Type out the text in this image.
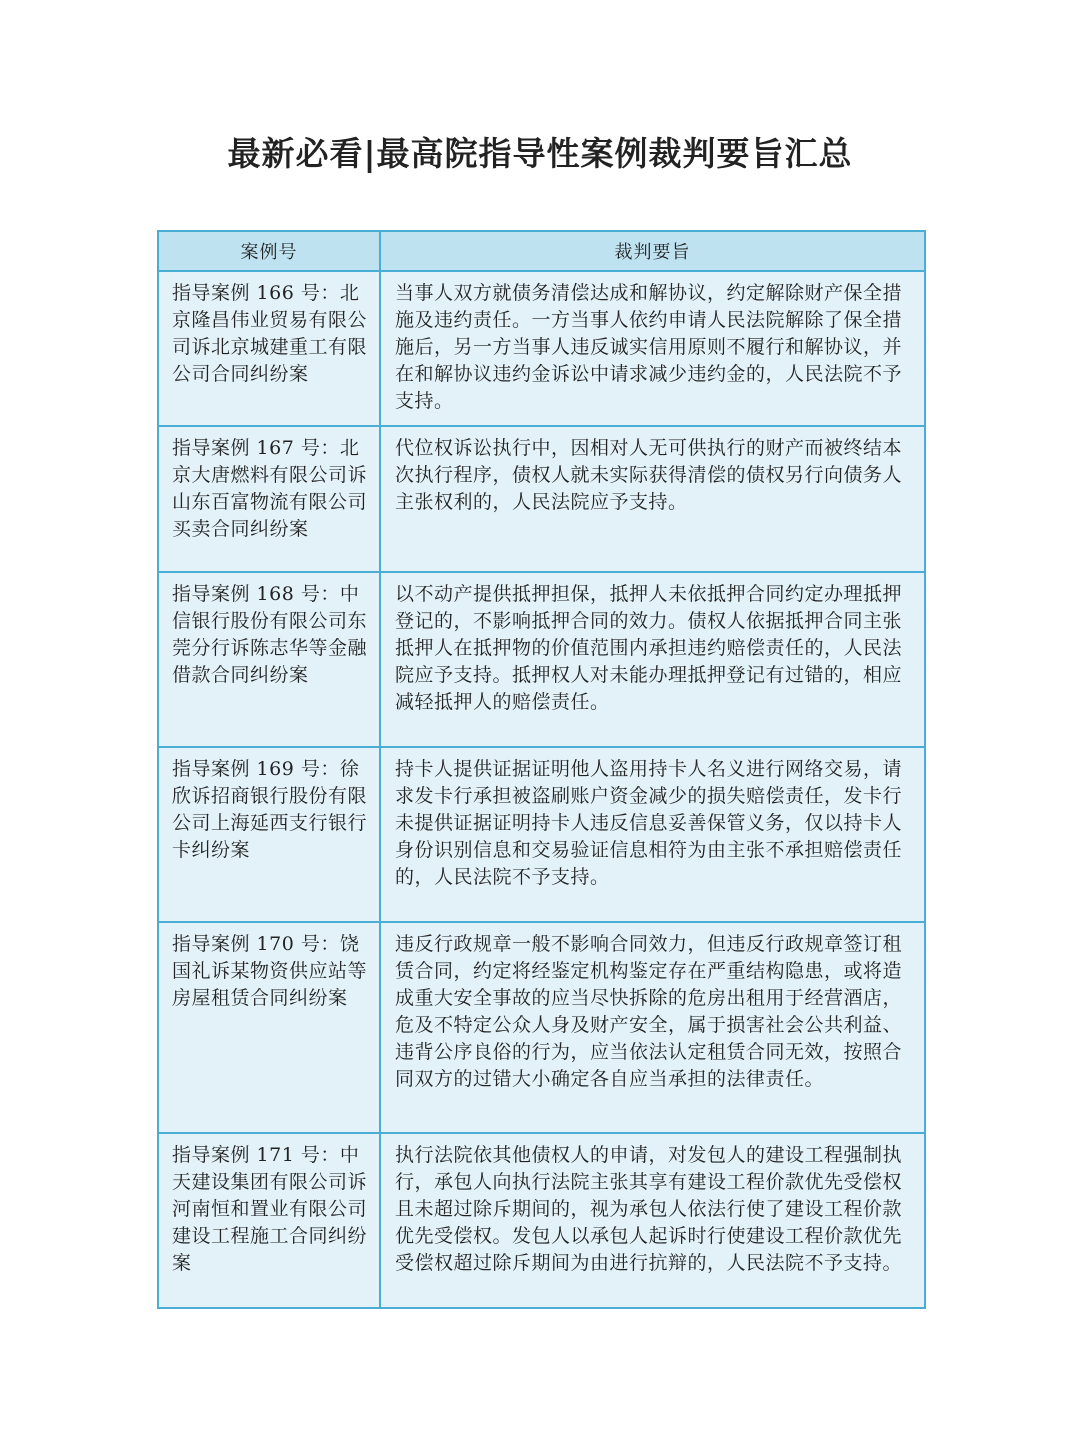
最新必看|最高院指导性案例裁判要旨汇总
案例号	裁判要旨
指导案例 166 号：北京隆昌伟业贸易有限公司诉北京城建重工有限公司合同纠纷案	当事人双方就债务清偿达成和解协议，约定解除财产保全措施及违约责任。一方当事人依约申请人民法院解除了保全措施后，另一方当事人违反诚实信用原则不履行和解协议，并在和解协议违约金诉讼中请求减少违约金的，人民法院不予支持。
指导案例 167 号：北京大唐燃料有限公司诉山东百富物流有限公司买卖合同纠纷案	代位权诉讼执行中，因相对人无可供执行的财产而被终结本次执行程序，债权人就未实际获得清偿的债权另行向债务人主张权利的，人民法院应予支持。
指导案例 168 号：中信银行股份有限公司东莞分行诉陈志华等金融借款合同纠纷案	以不动产提供抵押担保，抵押人未依抵押合同约定办理抵押登记的，不影响抵押合同的效力。债权人依据抵押合同主张抵押人在抵押物的价值范围内承担违约赔偿责任的，人民法院应予支持。抵押权人对未能办理抵押登记有过错的，相应减轻抵押人的赔偿责任。
指导案例 169 号：徐欣诉招商银行股份有限公司上海延西支行银行卡纠纷案	持卡人提供证据证明他人盗用持卡人名义进行网络交易，请求发卡行承担被盗刷账户资金减少的损失赔偿责任，发卡行未提供证据证明持卡人违反信息妥善保管义务，仅以持卡人身份识别信息和交易验证信息相符为由主张不承担赔偿责任的，人民法院不予支持。
指导案例 170 号：饶国礼诉某物资供应站等房屋租赁合同纠纷案	违反行政规章一般不影响合同效力，但违反行政规章签订租赁合同，约定将经鉴定机构鉴定存在严重结构隐患，或将造成重大安全事故的应当尽快拆除的危房出租用于经营酒店，危及不特定公众人身及财产安全，属于损害社会公共利益、违背公序良俗的行为，应当依法认定租赁合同无效，按照合同双方的过错大小确定各自应当承担的法律责任。
指导案例 171 号：中天建设集团有限公司诉河南恒和置业有限公司建设工程施工合同纠纷案	执行法院依其他债权人的申请，对发包人的建设工程强制执行，承包人向执行法院主张其享有建设工程价款优先受偿权且未超过除斥期间的，视为承包人依法行使了建设工程价款优先受偿权。发包人以承包人起诉时行使建设工程价款优先受偿权超过除斥期间为由进行抗辩的，人民法院不予支持。
